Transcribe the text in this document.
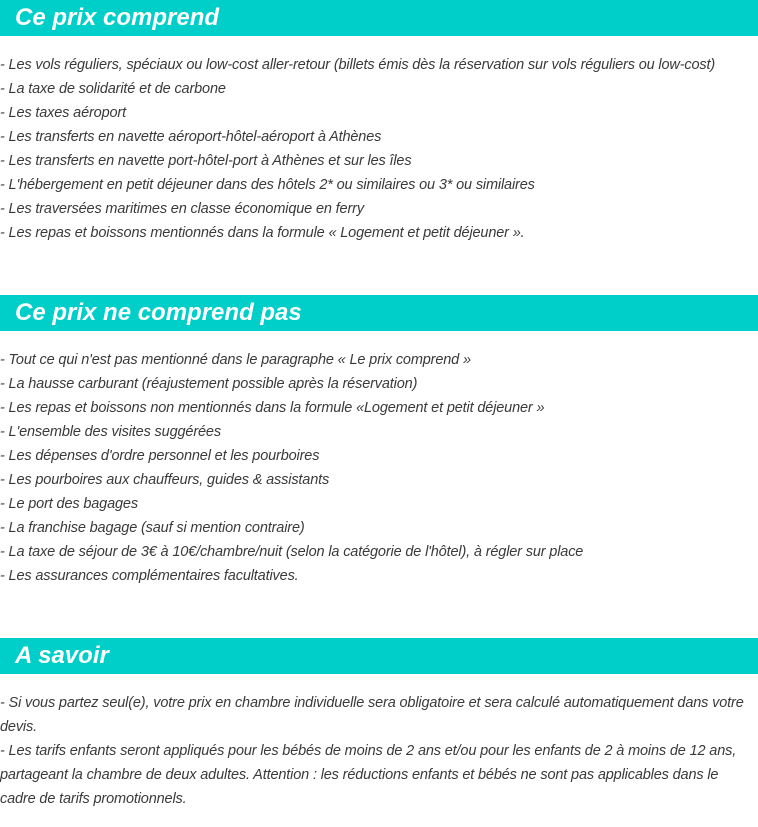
Ce prix comprend
- Les vols réguliers, spéciaux ou low-cost aller-retour (billets émis dès la réservation sur vols réguliers ou low-cost)
- La taxe de solidarité et de carbone
- Les taxes aéroport
- Les transferts en navette aéroport-hôtel-aéroport à Athènes
- Les transferts en navette port-hôtel-port à Athènes et sur les îles
- L'hébergement en petit déjeuner dans des hôtels 2* ou similaires ou 3* ou similaires
- Les traversées maritimes en classe économique en ferry
- Les repas et boissons mentionnés dans la formule « Logement et petit déjeuner ».
Ce prix ne comprend pas
- Tout ce qui n'est pas mentionné dans le paragraphe « Le prix comprend »
- La hausse carburant (réajustement possible après la réservation)
- Les repas et boissons non mentionnés dans la formule «Logement et petit déjeuner »
- L'ensemble des visites suggérées
- Les dépenses d'ordre personnel et les pourboires
- Les pourboires aux chauffeurs, guides & assistants
- Le port des bagages
- La franchise bagage (sauf si mention contraire)
- La taxe de séjour de 3€ à 10€/chambre/nuit (selon la catégorie de l'hôtel), à régler sur place
- Les assurances complémentaires facultatives.
A savoir
- Si vous partez seul(e), votre prix en chambre individuelle sera obligatoire et sera calculé automatiquement dans votre devis.
- Les tarifs enfants seront appliqués pour les bébés de moins de 2 ans et/ou pour les enfants de 2 à moins de 12 ans, partageant la chambre de deux adultes. Attention : les réductions enfants et bébés ne sont pas applicables dans le cadre de tarifs promotionnels.
